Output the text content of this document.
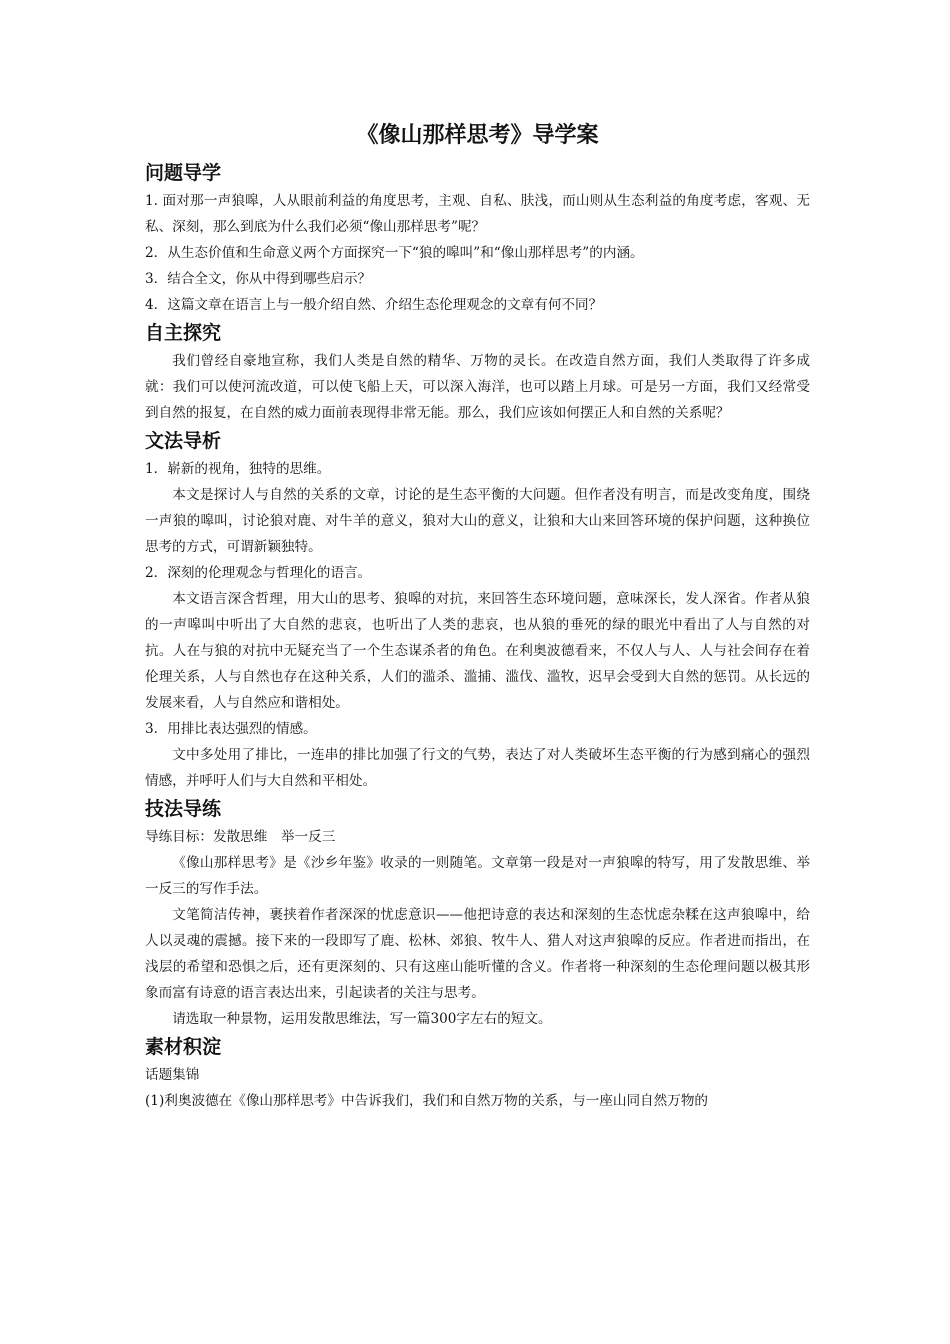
《像山那样思考》导学案
问题导学

1. 面对那一声狼嗥，人从眼前利益的角度思考，主观、自私、肤浅，而山则从生态利益的角度考虑，客观、无私、深刻，那么到底为什么我们必须“像山那样思考”呢？

2．从生态价值和生命意义两个方面探究一下“狼的嗥叫”和“像山那样思考”的内涵。

3．结合全文，你从中得到哪些启示？

4．这篇文章在语言上与一般介绍自然、介绍生态伦理观念的文章有何不同？

自主探究

我们曾经自豪地宣称，我们人类是自然的精华、万物的灵长。在改造自然方面，我们人类取得了许多成就：我们可以使河流改道，可以使飞船上天，可以深入海洋，也可以踏上月球。可是另一方面，我们又经常受到自然的报复，在自然的威力面前表现得非常无能。那么，我们应该如何摆正人和自然的关系呢？

文法导析

1．崭新的视角，独特的思维。

本文是探讨人与自然的关系的文章，讨论的是生态平衡的大问题。但作者没有明言，而是改变角度，围绕一声狼的嗥叫，讨论狼对鹿、对牛羊的意义，狼对大山的意义，让狼和大山来回答环境的保护问题，这种换位思考的方式，可谓新颖独特。

2．深刻的伦理观念与哲理化的语言。

本文语言深含哲理，用大山的思考、狼嗥的对抗，来回答生态环境问题，意味深长，发人深省。作者从狼的一声嗥叫中听出了大自然的悲哀，也听出了人类的悲哀，也从狼的垂死的绿的眼光中看出了人与自然的对抗。人在与狼的对抗中无疑充当了一个生态谋杀者的角色。在利奥波德看来，不仅人与人、人与社会间存在着伦理关系，人与自然也存在这种关系，人们的滥杀、滥捕、滥伐、滥牧，迟早会受到大自然的惩罚。从长远的发展来看，人与自然应和谐相处。

3．用排比表达强烈的情感。

文中多处用了排比，一连串的排比加强了行文的气势，表达了对人类破坏生态平衡的行为感到痛心的强烈情感，并呼吁人们与大自然和平相处。

技法导练

导练目标：发散思维　举一反三

《像山那样思考》是《沙乡年鉴》收录的一则随笔。文章第一段是对一声狼嗥的特写，用了发散思维、举一反三的写作手法。

文笔简洁传神，裹挟着作者深深的忧虑意识——他把诗意的表达和深刻的生态忧虑杂糅在这声狼嗥中，给人以灵魂的震撼。接下来的一段即写了鹿、松林、郊狼、牧牛人、猎人对这声狼嗥的反应。作者进而指出，在浅层的希望和恐惧之后，还有更深刻的、只有这座山能听懂的含义。作者将一种深刻的生态伦理问题以极其形象而富有诗意的语言表达出来，引起读者的关注与思考。

请选取一种景物，运用发散思维法，写一篇300字左右的短文。

素材积淀

话题集锦

(1)利奥波德在《像山那样思考》中告诉我们，我们和自然万物的关系，与一座山同自然万物的
